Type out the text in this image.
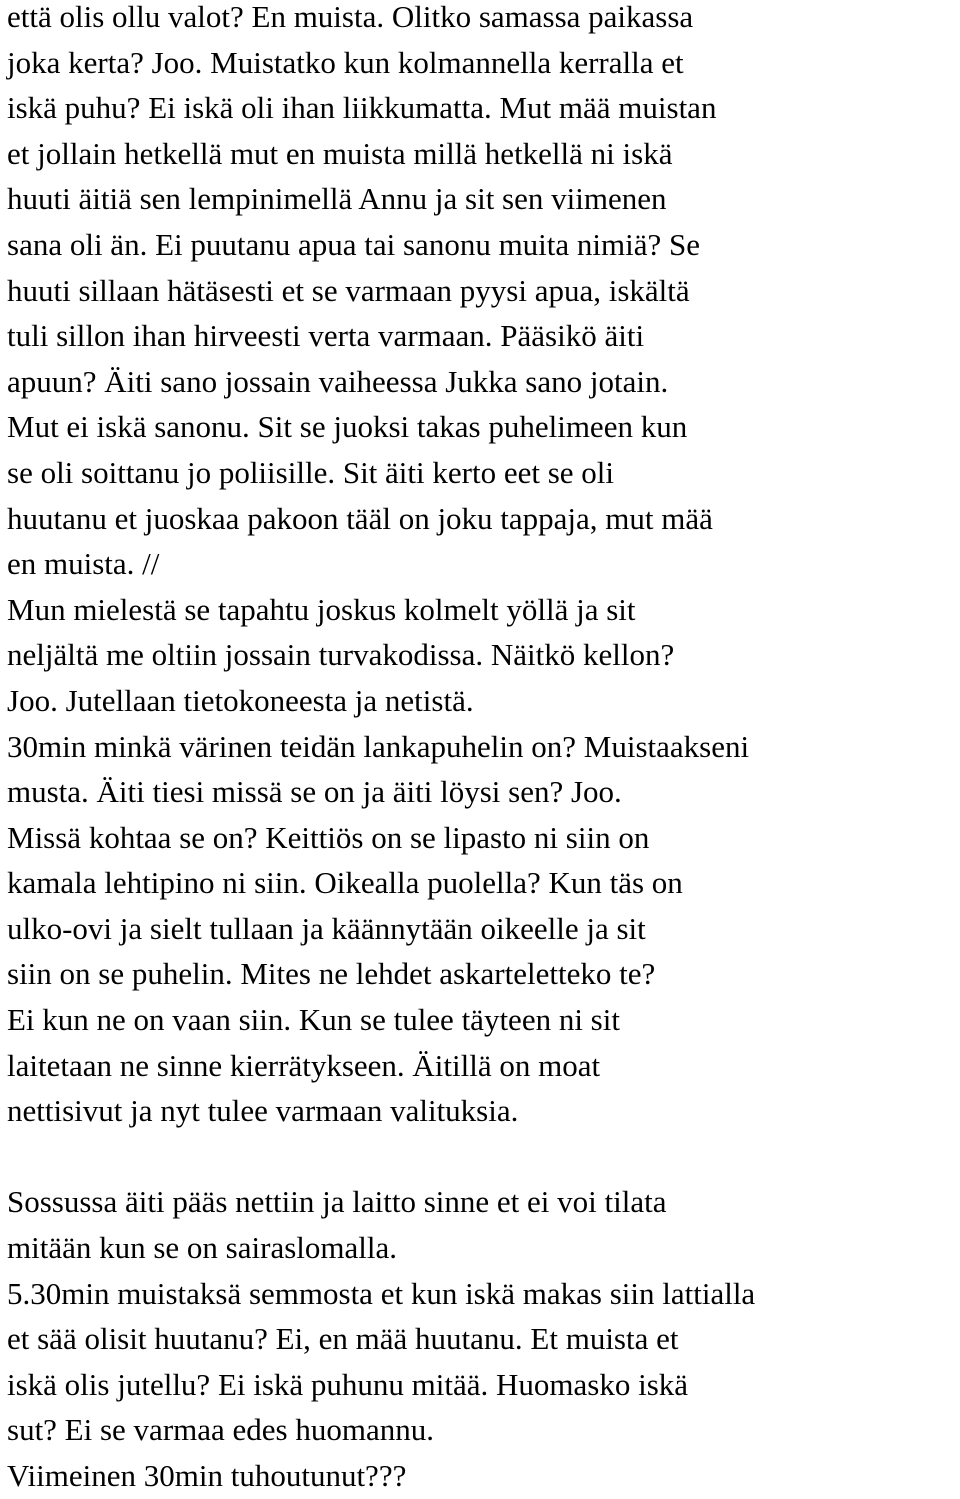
että olis ollu valot? En muista. Olitko samassa paikassa
joka kerta? Joo. Muistatko kun kolmannella kerralla et
iskä puhu? Ei iskä oli ihan liikkumatta. Mut mää muistan
et jollain hetkellä mut en muista millä hetkellä ni iskä
huuti äitiä sen lempinimellä Annu ja sit sen viimenen
sana oli än. Ei puutanu apua tai sanonu muita nimiä? Se
huuti sillaan hätäsesti et se varmaan pyysi apua, iskältä
tuli sillon ihan hirveesti verta varmaan. Pääsikö äiti
apuun? Äiti sano jossain vaiheessa Jukka sano jotain.
Mut ei iskä sanonu. Sit se juoksi takas puhelimeen kun
se oli soittanu jo poliisille. Sit äiti kerto eet se oli
huutanu et juoskaa pakoon tääl on joku tappaja, mut mää
en muista. //
Mun mielestä se tapahtu joskus kolmelt yöllä ja sit
neljältä me oltiin jossain turvakodissa. Näitkö kellon?
Joo. Jutellaan tietokoneesta ja netistä.
30min minkä värinen teidän lankapuhelin on? Muistaakseni
musta. Äiti tiesi missä se on ja äiti löysi sen? Joo.
Missä kohtaa se on? Keittiös on se lipasto ni siin on
kamala lehtipino ni siin. Oikealla puolella? Kun täs on
ulko-ovi ja sielt tullaan ja käännytään oikeelle ja sit
siin on se puhelin. Mites ne lehdet askarteletteko te?
Ei kun ne on vaan siin. Kun se tulee täyteen ni sit
laitetaan ne sinne kierrätykseen. Äitillä on moat
nettisivut ja nyt tulee varmaan valituksia.
Sossussa äiti pääs nettiin ja laitto sinne et ei voi tilata
mitään kun se on sairaslomalla.
5.30min muistaksä semmosta et kun iskä makas siin lattialla
et sää olisit huutanu? Ei, en mää huutanu. Et muista et
iskä olis jutellu? Ei iskä puhunu mitää. Huomasko iskä
sut? Ei se varmaa edes huomannu.
Viimeinen 30min tuhoutunut???
